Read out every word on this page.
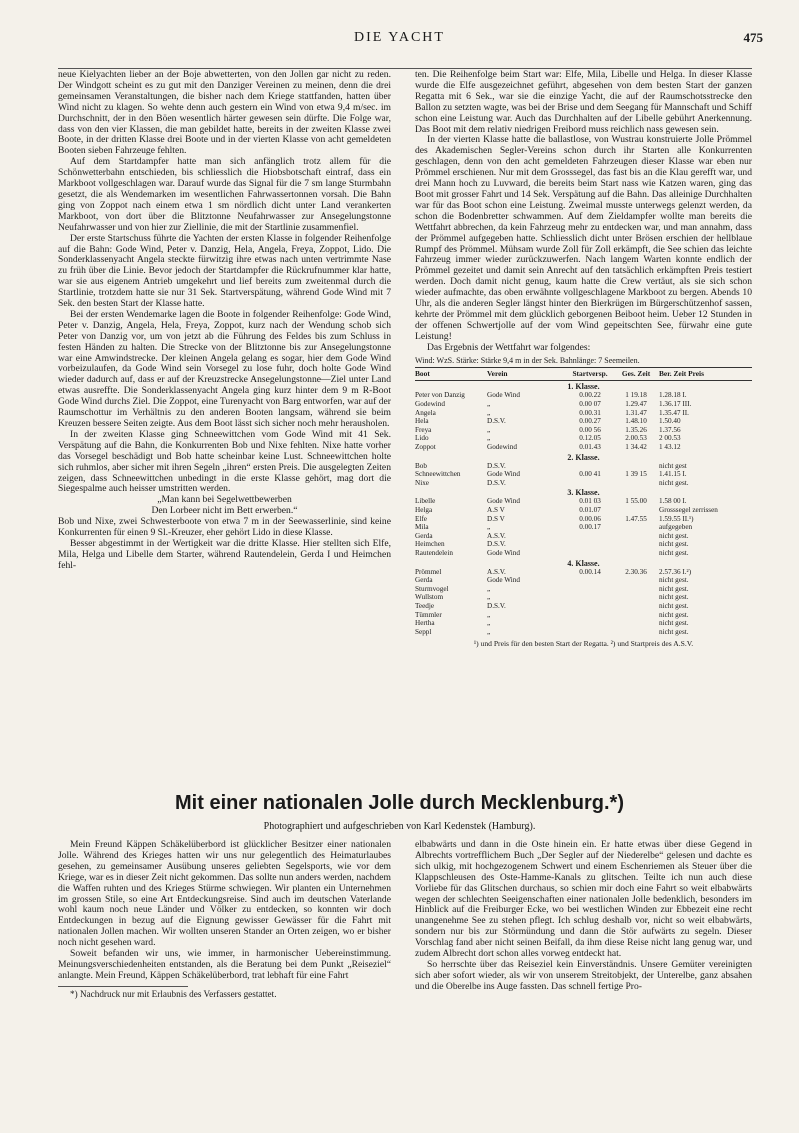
DIE YACHT	475

neue Kielyachten lieber an der Boje abwetterten, von den Jollen gar nicht zu reden. Der Windgott scheint es zu gut mit den Danziger Vereinen zu meinen, denn die drei gemeinsamen Veranstaltungen, die bisher nach dem Kriege stattfanden, hatten über Wind nicht zu klagen. So wehte denn auch gestern ein Wind von etwa 9,4 m/sec. im Durchschnitt, der in den Böen wesentlich härter gewesen sein dürfte. Die Folge war, dass von den vier Klassen, die man gebildet hatte, bereits in der zweiten Klasse zwei Boote, in der dritten Klasse drei Boote und in der vierten Klasse von acht gemeldeten Booten sieben Fahrzeuge fehlten.

Auf dem Startdampfer hatte man sich anfänglich trotz allem für die Schönwetterbahn entschieden, bis schliesslich die Hiobsbotschaft eintraf, dass ein Markboot vollgeschlagen war. Darauf wurde das Signal für die 7 sm lange Sturmbahn gesetzt, die als Wendemarken im wesentlichen Fahrwassertonnen vorsah. Die Bahn ging von Zoppot nach einem etwa 1 sm nördlich dicht unter Land verankerten Markboot, von dort über die Blitztonne Neufahrwasser zur Ansegelungstonne Neufahrwasser und von hier zur Ziellinie, die mit der Startlinie zusammenfiel.

Der erste Startschuss führte die Yachten der ersten Klasse in folgender Reihenfolge auf die Bahn: Gode Wind, Peter v. Danzig, Hela, Angela, Freya, Zoppot, Lido. Die Sonderklassenyacht Angela steckte fürwitzig ihre etwas nach unten vertrimmte Nase zu früh über die Linie. Bevor jedoch der Startdampfer die Rückrufnummer klar hatte, war sie aus eigenem Antrieb umgekehrt und lief bereits zum zweitenmal durch die Startlinie, trotzdem hatte sie nur 31 Sek. Startverspätung, während Gode Wind mit 7 Sek. den besten Start der Klasse hatte.

Bei der ersten Wendemarke lagen die Boote in folgender Reihenfolge: Gode Wind, Peter v. Danzig, Angela, Hela, Freya, Zoppot, kurz nach der Wendung schob sich Peter von Danzig vor, um von jetzt ab die Führung des Feldes bis zum Schluss in festen Händen zu halten. Die Strecke von der Blitztonne bis zur Ansegelungstonne war eine Amwindstrecke. Der kleinen Angela gelang es sogar, hier dem Gode Wind vorbeizulaufen, da Gode Wind sein Vorsegel zu lose fuhr, doch holte Gode Wind wieder dadurch auf, dass er auf der Kreuzstrecke Ansegelungstonne—Ziel unter Land etwas ausreffte. Die Sonderklassenyacht Angela ging kurz hinter dem 9 m R-Boot Gode Wind durchs Ziel. Die Zoppot, eine Turenyacht von Barg entworfen, war auf der Raumschottur im Verhältnis zu den anderen Booten langsam, während sie beim Kreuzen bessere Seiten zeigte. Aus dem Boot lässt sich sicher noch mehr herausholen.

In der zweiten Klasse ging Schneewittchen vom Gode Wind mit 41 Sek. Verspätung auf die Bahn, die Konkurrenten Bob und Nixe fehlten. Nixe hatte vorher das Vorsegel beschädigt und Bob hatte scheinbar keine Lust. Schneewittchen holte sich ruhmlos, aber sicher mit ihren Segeln „ihren“ ersten Preis. Die ausgelegten Zeiten zeigen, dass Schneewittchen unbedingt in die erste Klasse gehört, mag dort die Siegespalme auch heisser umstritten werden.

„Man kann bei Segelwettbewerben

Den Lorbeer nicht im Bett erwerben.“

Bob und Nixe, zwei Schwesterboote von etwa 7 m in der Seewasserlinie, sind keine Konkurrenten für einen 9 Sl.-Kreuzer, eher gehört Lido in diese Klasse.

Besser abgestimmt in der Wertigkeit war die dritte Klasse. Hier stellten sich Elfe, Mila, Helga und Libelle dem Starter, während Rautendelein, Gerda I und Heimchen fehl-

ten. Die Reihenfolge beim Start war: Elfe, Mila, Libelle und Helga. In dieser Klasse wurde die Elfe ausgezeichnet geführt, abgesehen von dem besten Start der ganzen Regatta mit 6 Sek., war sie die einzige Yacht, die auf der Raumschotsstrecke den Ballon zu setzten wagte, was bei der Brise und dem Seegang für Mannschaft und Schiff schon eine Leistung war. Auch das Durchhalten auf der Libelle gebührt Anerkennung. Das Boot mit dem relativ niedrigen Freibord muss reichlich nass gewesen sein.

In der vierten Klasse hatte die ballastlose, von Wustrau konstruierte Jolle Prömmel des Akademischen Segler-Vereins schon durch ihr Starten alle Konkurrenten geschlagen, denn von den acht gemeldeten Fahrzeugen dieser Klasse war eben nur Prömmel erschienen. Nur mit dem Grosssegel, das fast bis an die Klau gerefft war, und drei Mann hoch zu Luvward, die bereits beim Start nass wie Katzen waren, ging das Boot mit grosser Fahrt und 14 Sek. Verspätung auf die Bahn. Das alleinige Durchhalten war für das Boot schon eine Leistung. Zweimal musste unterwegs gelenzt werden, da schon die Bodenbretter schwammen. Auf dem Zieldampfer wollte man bereits die Wettfahrt abbrechen, da kein Fahrzeug mehr zu entdecken war, und man annahm, dass der Prömmel aufgegeben hatte. Schliesslich dicht unter Brösen erschien der hellblaue Rumpf des Prömmel. Mühsam wurde Zoll für Zoll erkämpft, die See schien das leichte Fahrzeug immer wieder zurückzuwerfen. Nach langem Warten konnte endlich der Prömmel gezeitet und damit sein Anrecht auf den tatsächlich erkämpften Preis testiert werden. Doch damit nicht genug, kaum hatte die Crew vertäut, als sie sich schon wieder aufmachte, das oben erwähnte vollgeschlagene Markboot zu bergen. Abends 10 Uhr, als die anderen Segler längst hinter den Bierkrügen im Bürgerschützenhof sassen, kehrte der Prömmel mit dem glücklich geborgenen Beiboot heim. Ueber 12 Stunden in der offenen Schwertjolle auf der vom Wind gepeitschten See, fürwahr eine gute Leistung!

Das Ergebnis der Wettfahrt war folgendes:

Wind: WzS. Stärke: Stärke 9,4 m in der Sek. Bahnlänge: 7 Seemeilen.
Boot	Verein	Startversp.	Ges. Zeit	Ber. Zeit Preis
1. Klasse.
Peter von Danzig	Gode Wind	0.00.22	1 19.18	1.28.18 I.
Godewind	„	0.00 07	1.29.47	1.36.17 III.
Angela	„	0.00.31	1.31.47	1.35.47 II.
Hela	D.S.V.	0.00.27	1.48.10	1.50.40
Freya	„	0.00 56	1.35.26	1.37.56
Lido	„	0.12.05	2.00.53	2 00.53
Zoppot	Godewind	0.01.43	1 34.42	1 43.12
2. Klasse.
Bob	D.S.V.	nicht gest
Schneewittchen	Gode Wind	0.00 41	1 39 15	1.41.15 I.
Nixe	D.S.V.	nicht gest.
3. Klasse.
Libelle	Gode Wind	0.01 03	1 55.00	1.58 00 I.
Helga	A.S V	0.01.07	Grosssegel zerrissen
Elfe	D.S V	0.00.06	1.47.55	1.59.55 II.¹)
Mila	„	0.00.17	aufgegeben
Gerda	A.S.V.	nicht gest.
Heimchen	D.S.V.	nicht gest.
Rautendelein	Gode Wind	nicht gest.
4. Klasse.
Prömmel	A.S.V.	0.00.14	2.30.36	2.57.36 I.²)
Gerda	Gode Wind	nicht gest.
Sturmvogel	„	nicht gest.
Wullstom	„	nicht gest.
Teedje	D.S.V.	nicht gest.
Tümmler	„	nicht gest.
Hertha	„	nicht gest.
Seppl	„	nicht gest.
¹) und Preis für den besten Start der Regatta. ²) und Startpreis des A.S.V.
Mit einer nationalen Jolle durch Mecklenburg.*)
Photographiert und aufgeschrieben von Karl Kedenstek (Hamburg).

Mein Freund Käppen Schäkelüberbord ist glücklicher Besitzer einer nationalen Jolle. Während des Krieges hatten wir uns nur gelegentlich des Heimaturlaubes gesehen, zu gemeinsamer Ausübung unseres geliebten Segelsports, wie vor dem Kriege, war es in dieser Zeit nicht gekommen. Das sollte nun anders werden, nachdem die Waffen ruhten und des Krieges Stürme schwiegen. Wir planten ein Unternehmen im grossen Stile, so eine Art Entdeckungsreise. Sind auch im deutschen Vaterlande wohl kaum noch neue Länder und Völker zu entdecken, so konnten wir doch Entdeckungen in bezug auf die Eignung gewisser Gewässer für die Fahrt mit nationalen Jollen machen. Wir wollten unseren Stander an Orten zeigen, wo er bisher noch nicht gesehen ward.

Soweit befanden wir uns, wie immer, in harmonischer Uebereinstimmung. Meinungsverschiedenheiten entstanden, als die Beratung bei dem Punkt „Reiseziel“ anlangte. Mein Freund, Käppen Schäkelüberbord, trat lebhaft für eine Fahrt

*) Nachdruck nur mit Erlaubnis des Verfassers gestattet.

elbabwärts und dann in die Oste hinein ein. Er hatte etwas über diese Gegend in Albrechts vortrefflichem Buch „Der Segler auf der Niederelbe“ gelesen und dachte es sich ulkig, mit hochgezogenem Schwert und einem Eschenriemen als Steuer über die Klappschleusen des Oste-Hamme-Kanals zu glitschen. Teilte ich nun auch diese Vorliebe für das Glitschen durchaus, so schien mir doch eine Fahrt so weit elbabwärts wegen der schlechten Seeigenschaften einer nationalen Jolle bedenklich, besonders im Hinblick auf die Freiburger Ecke, wo bei westlichen Winden zur Ebbezeit eine recht unangenehme See zu stehen pflegt. Ich schlug deshalb vor, nicht so weit elbabwärts, sondern nur bis zur Störmündung und dann die Stör aufwärts zu segeln. Dieser Vorschlag fand aber nicht seinen Beifall, da ihm diese Reise nicht lang genug war, und zudem Albrecht dort schon alles vorweg entdeckt hat.

So herrschte über das Reiseziel kein Einverständnis. Unsere Gemüter vereinigten sich aber sofort wieder, als wir von unserem Streitobjekt, der Unterelbe, ganz absahen und die Oberelbe ins Auge fassten. Das schnell fertige Pro-
